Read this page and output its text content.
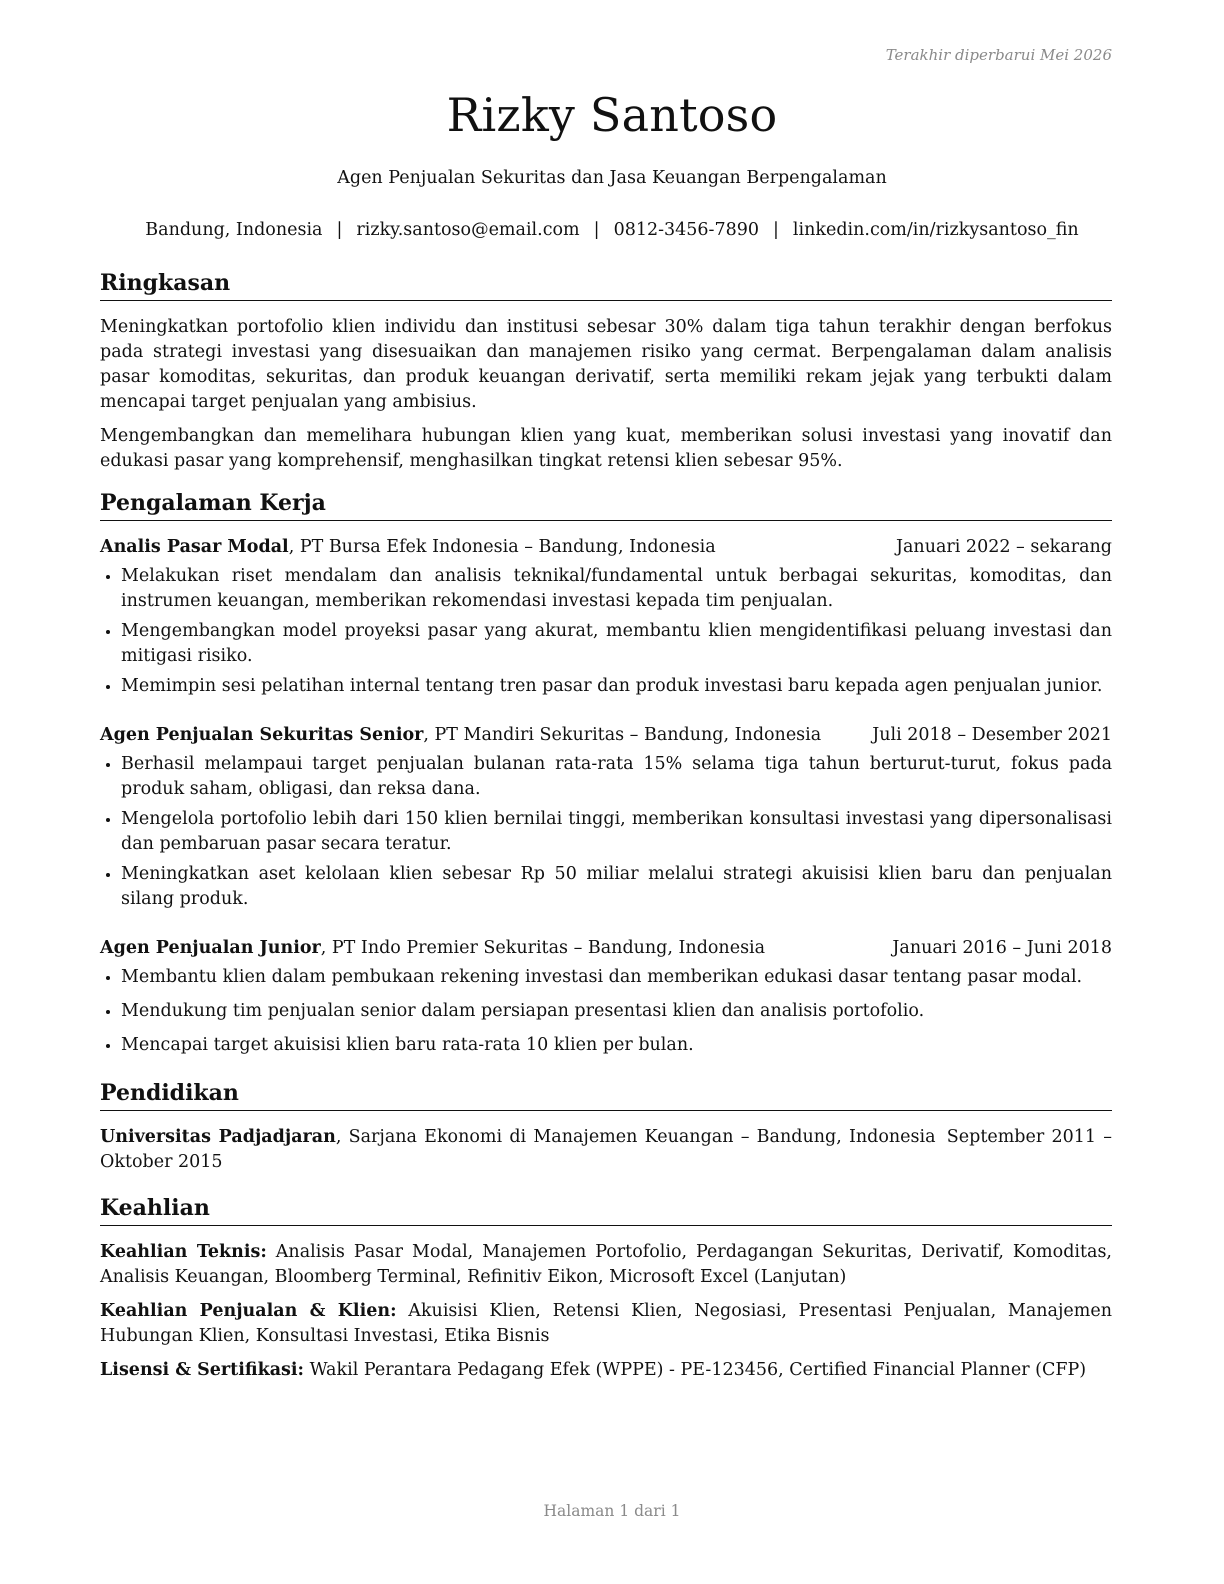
Terakhir diperbarui Mei 2026
Rizky Santoso
Agen Penjualan Sekuritas dan Jasa Keuangan Berpengalaman
Bandung, Indonesia | rizky.santoso@email.com | 0812-3456-7890 | linkedin.com/in/rizkysantoso_fin
Ringkasan

Meningkatkan portofolio klien individu dan institusi sebesar 30% dalam tiga tahun terakhir dengan berfokus pada strategi investasi yang disesuaikan dan manajemen risiko yang cermat. Berpengalaman dalam analisis pasar komoditas, sekuritas, dan produk keuangan derivatif, serta memiliki rekam jejak yang terbukti dalam mencapai target penjualan yang ambisius.

Mengembangkan dan memelihara hubungan klien yang kuat, memberikan solusi investasi yang inovatif dan edukasi pasar yang komprehensif, menghasilkan tingkat retensi klien sebesar 95%.

Pengalaman Kerja
Analis Pasar Modal, PT Bursa Efek Indonesia – Bandung, Indonesia	Januari 2022 – sekarang
• Melakukan riset mendalam dan analisis teknikal/fundamental untuk berbagai sekuritas, komoditas, dan instrumen keuangan, memberikan rekomendasi investasi kepada tim penjualan.
• Mengembangkan model proyeksi pasar yang akurat, membantu klien mengidentifikasi peluang investasi dan mitigasi risiko.
• Memimpin sesi pelatihan internal tentang tren pasar dan produk investasi baru kepada agen penjualan junior.
Agen Penjualan Sekuritas Senior, PT Mandiri Sekuritas – Bandung, Indonesia	Juli 2018 – Desember 2021
• Berhasil melampaui target penjualan bulanan rata-rata 15% selama tiga tahun berturut-turut, fokus pada produk saham, obligasi, dan reksa dana.
• Mengelola portofolio lebih dari 150 klien bernilai tinggi, memberikan konsultasi investasi yang dipersonalisasi dan pembaruan pasar secara teratur.
• Meningkatkan aset kelolaan klien sebesar Rp 50 miliar melalui strategi akuisisi klien baru dan penjualan silang produk.
Agen Penjualan Junior, PT Indo Premier Sekuritas – Bandung, Indonesia	Januari 2016 – Juni 2018
• Membantu klien dalam pembukaan rekening investasi dan memberikan edukasi dasar tentang pasar modal.
• Mendukung tim penjualan senior dalam persiapan presentasi klien dan analisis portofolio.
• Mencapai target akuisisi klien baru rata-rata 10 klien per bulan.
Pendidikan
Universitas Padjadjaran, Sarjana Ekonomi di Manajemen Keuangan – Bandung, Indonesia September 2011 – Oktober 2015
Keahlian
Keahlian Teknis: Analisis Pasar Modal, Manajemen Portofolio, Perdagangan Sekuritas, Derivatif, Komoditas, Analisis Keuangan, Bloomberg Terminal, Refinitiv Eikon, Microsoft Excel (Lanjutan)
Keahlian Penjualan & Klien: Akuisisi Klien, Retensi Klien, Negosiasi, Presentasi Penjualan, Manajemen Hubungan Klien, Konsultasi Investasi, Etika Bisnis
Lisensi & Sertifikasi: Wakil Perantara Pedagang Efek (WPPE) - PE-123456, Certified Financial Planner (CFP)
Halaman 1 dari 1
